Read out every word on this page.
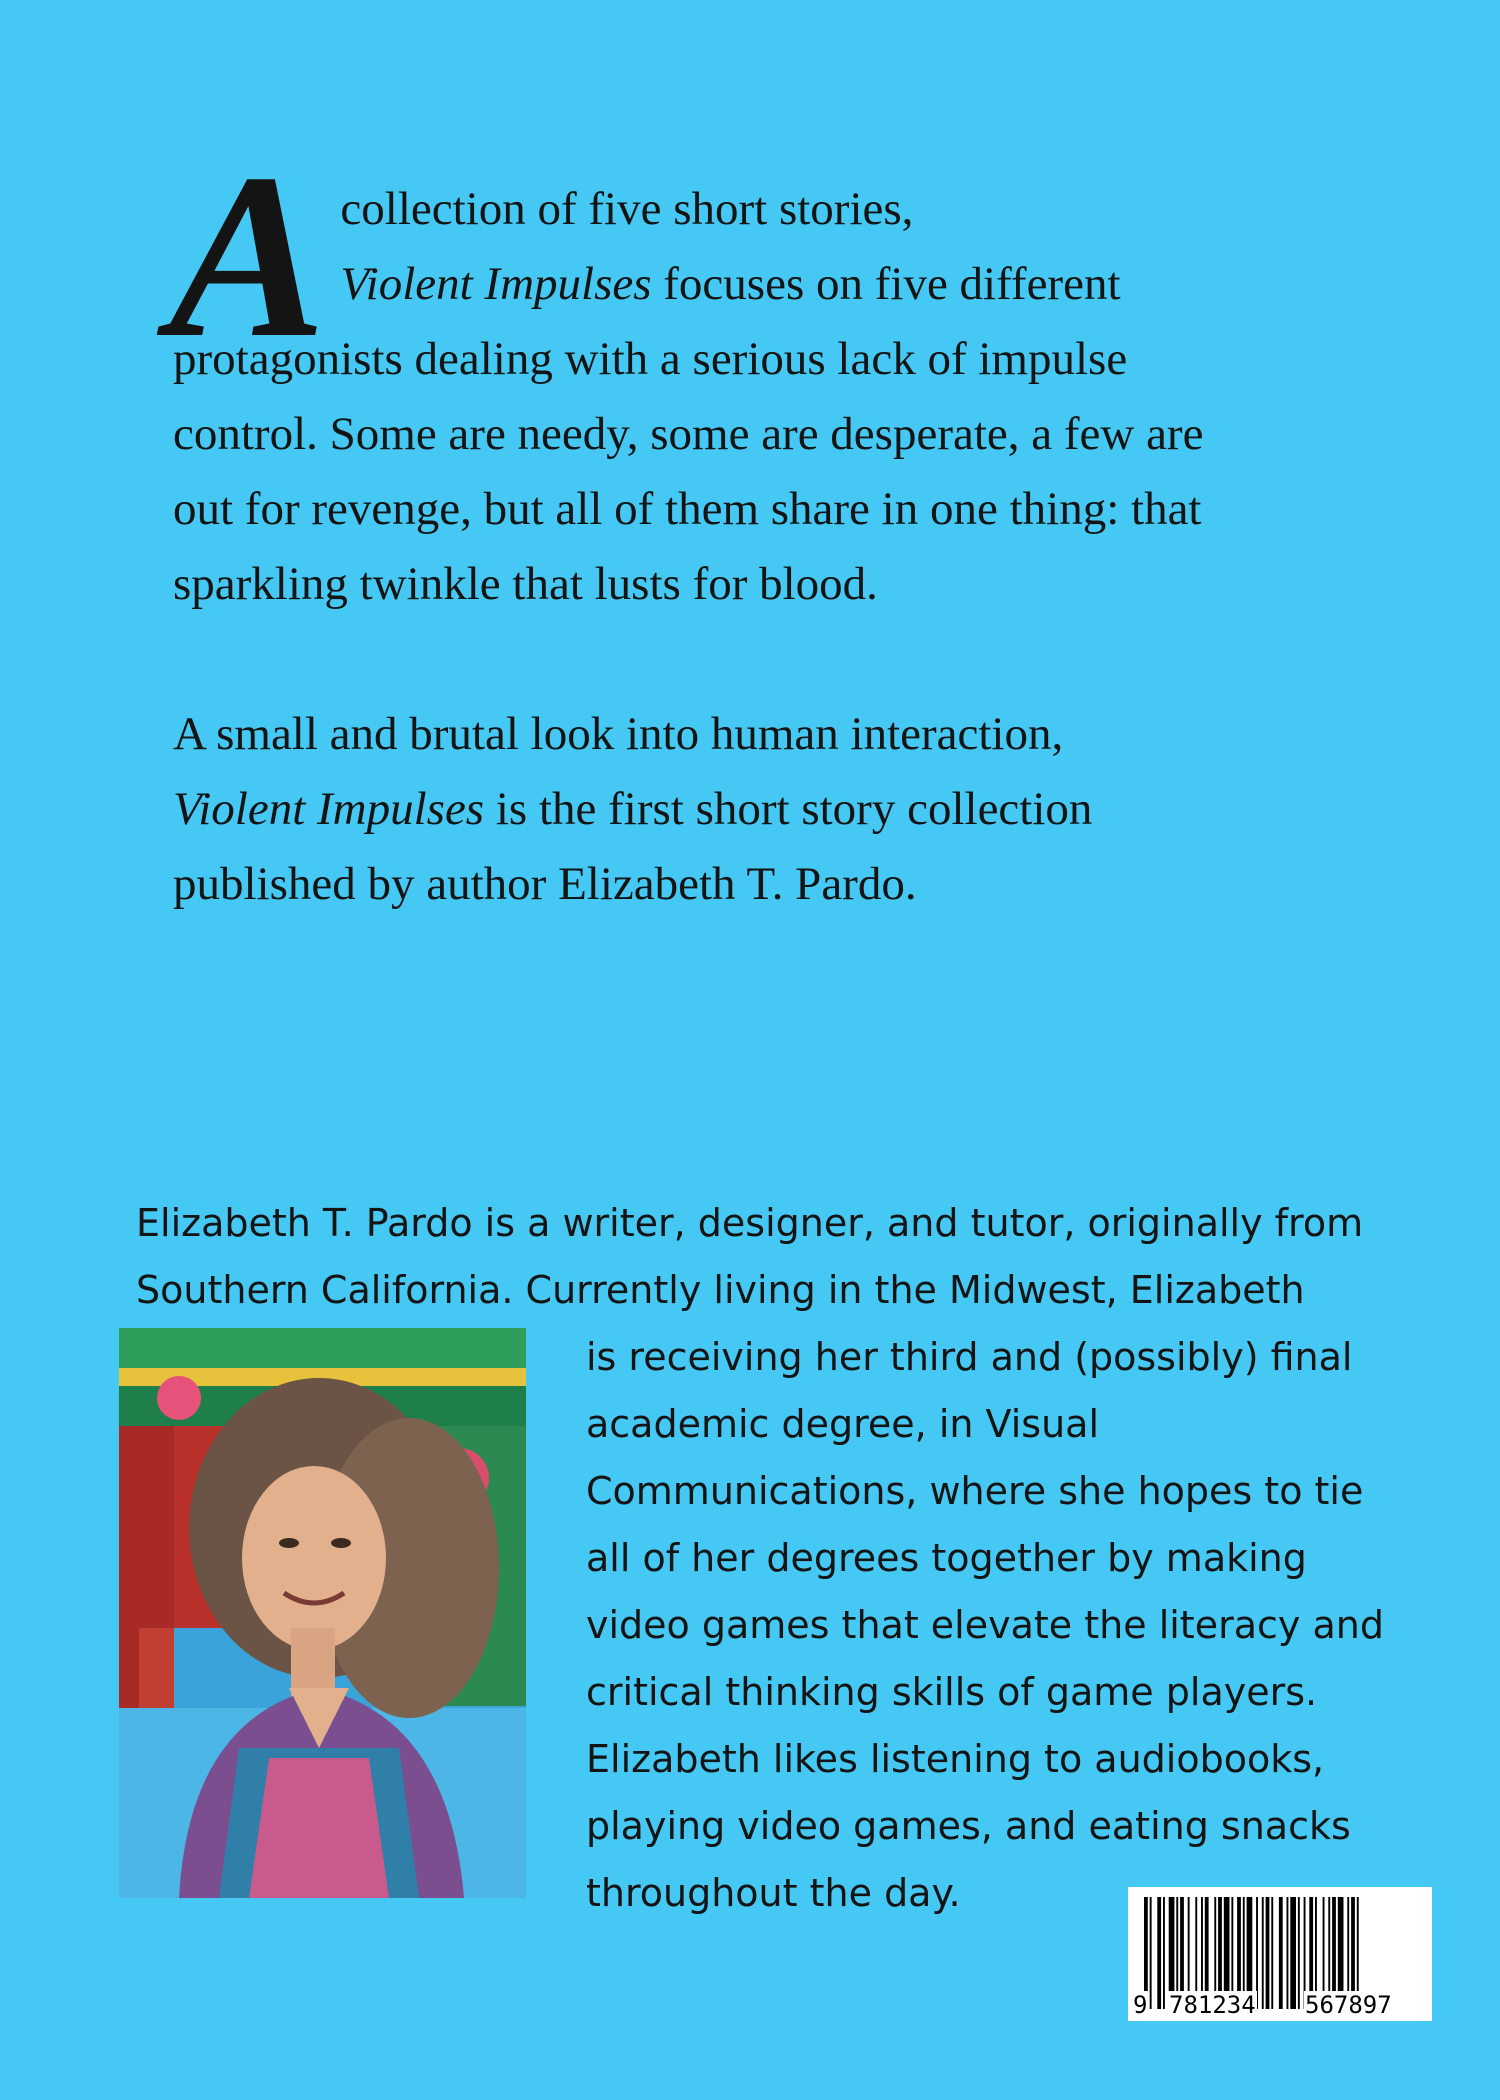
A collection of five short stories,
Violent Impulses focuses on five different
protagonists dealing with a serious lack of impulse
control. Some are needy, some are desperate, a few are
out for revenge, but all of them share in one thing: that
sparkling twinkle that lusts for blood.

A small and brutal look into human interaction,
Violent Impulses is the first short story collection
published by author Elizabeth T. Pardo.

Elizabeth T. Pardo is a writer, designer, and tutor, originally from
Southern California. Currently living in the Midwest, Elizabeth
is receiving her third and (possibly) final
academic degree, in Visual
Communications, where she hopes to tie
all of her degrees together by making
video games that elevate the literacy and
critical thinking skills of game players.
Elizabeth likes listening to audiobooks,
playing video games, and eating snacks
throughout the day.
9 781234 567897
